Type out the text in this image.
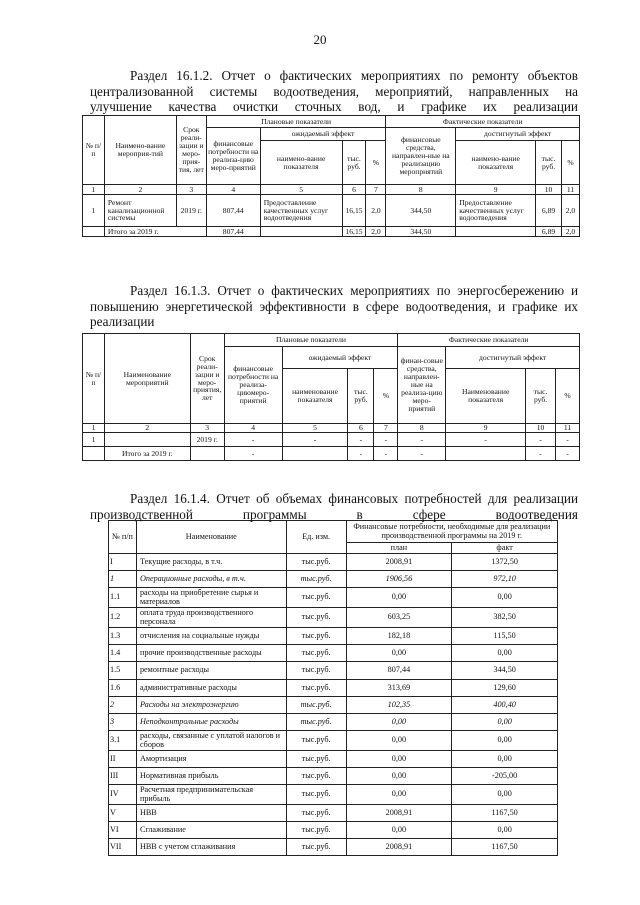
20
Раздел 16.1.2. Отчет о фактических мероприятиях по ремонту объектов централизованной системы водоотведения, мероприятий, направленных на улучшение качества очистки сточных вод, и графике их реализации
№ п/п	Наимено-вание мероприя-тий	Срок реали-зации и меро-прия-тия, лет	Плановые показатели				Фактические показатели			
			финансовые потребности на реализа-цию меро-приятий	ожидаемый эффект			финансовые средства, направлен-ные на реализацию мероприятий	достигнутый эффект		
				наимено-вание показателя	тыс. руб.	%		наимено-вание показателя	тыс. руб.	%
1	2	3	4	5	6	7	8	9	10	11
1	Ремонт канализационной системы	2019 г.	807,44	Предоставление качественных услуг водоотведения	16,15	2,0	344,50	Предоставление качественных услуг водоотведения	6,89	2,0
	Итого за 2019 г.		807,44		16,15	2,0	344,50		6,89	2,0
Раздел 16.1.3. Отчет о фактических мероприятиях по энергосбережению и повышению энергетической эффективности в сфере водоотведения, и графике их реализации
№ п/п	Наименование мероприятий	Срок реали-зации и меро-приятия, лет	Плановые показатели				Фактические показатели			
			финансовые потребности на реализа-циюмеро-приятий	ожидаемый эффект			финан-совые средства, направлен-ные на реализа-цию меро-приятий	достигнутый эффект		
				наименование показателя	тыс. руб.	%		Наименование показателя	тыс. руб.	%
1	2	3	4	5	6	7	8	9	10	11
1		2019 г.	-	-	-	-	-	-	-	-
	Итого за 2019 г.		-		-	-	-		-	-
Раздел 16.1.4. Отчет об объемах финансовых потребностей для реализации производственной программы в сфере водоотведения
№ п/п	Наименование	Ед. изм.	Финансовые потребности, необходимые для реализации производственной программы на 2019 г.	
			план	факт
I	Текущие расходы, в т.ч.	тыс.руб.	2008,91	1372,50
1	Операционные расходы, в т.ч.	тыс.руб.	1906,56	972,10
1.1	расходы на приобретение сырья и материалов	тыс.руб.	0,00	0,00
1.2	оплата труда производственного персонала	тыс.руб.	603,25	382,50
1.3	отчисления на социальные нужды	тыс.руб.	182,18	115,50
1.4	прочие производственные расходы	тыс.руб.	0,00	0,00
1.5	ремонтные расходы	тыс.руб.	807,44	344,50
1.6	административные расходы	тыс.руб.	313,69	129,60
2	Расходы на электроэнергию	тыс.руб.	102,35	400,40
3	Неподконтрольные расходы	тыс.руб.	0,00	0,00
3.1	расходы, связанные с уплатой налогов и сборов	тыс.руб.	0,00	0,00
II	Амортизация	тыс.руб.	0,00	0,00
III	Нормативная прибыль	тыс.руб.	0,00	-205,00
IV	Расчетная предпринимательская прибыль	тыс.руб.	0,00	0,00
V	НВВ	тыс.руб.	2008,91	1167,50
VI	Сглаживание	тыс.руб.	0,00	0,00
VII	НВВ с учетом сглаживания	тыс.руб.	2008,91	1167,50
